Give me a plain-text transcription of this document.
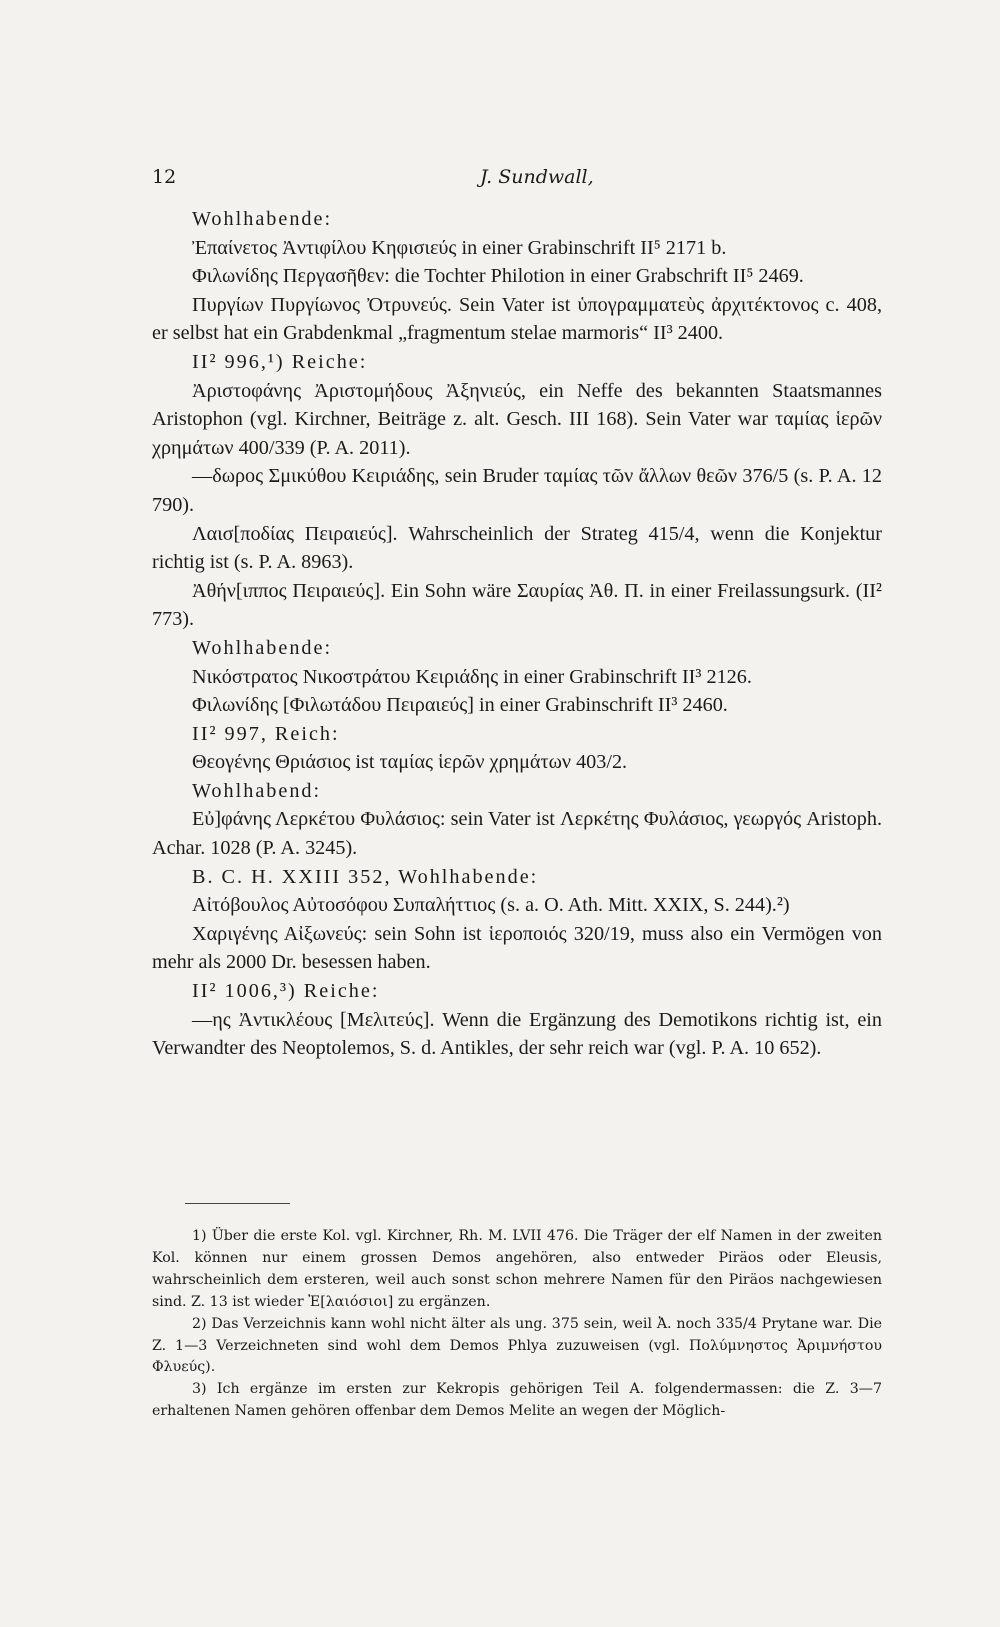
12	J. Sundwall,

Wohlhabende:

Ἐπαίνετος Ἀντιφίλου Κηφισιεύς in einer Grabinschrift II⁵ 2171 b.

Φιλωνίδης Περγασῆθεν: die Tochter Philotion in einer Grabschrift II⁵ 2469.

Πυργίων Πυργίωνος Ὀτρυνεύς. Sein Vater ist ὑπογραμματεὺς ἀρχιτέκτονος c. 408, er selbst hat ein Grabdenkmal „fragmentum stelae marmoris“ II³ 2400.

II² 996,¹) Reiche:

Ἀριστοφάνης Ἀριστομήδους Ἀξηνιεύς, ein Neffe des bekannten Staatsmannes Aristophon (vgl. Kirchner, Beiträge z. alt. Gesch. III 168). Sein Vater war ταμίας ἱερῶν χρημάτων 400/339 (P. A. 2011).

—δωρος Σμικύθου Κειριάδης, sein Bruder ταμίας τῶν ἄλλων θεῶν 376/5 (s. P. A. 12 790).

Λαισ[ποδίας Πειραιεύς]. Wahrscheinlich der Strateg 415/4, wenn die Konjektur richtig ist (s. P. A. 8963).

Ἀθήν[ιππος Πειραιεύς]. Ein Sohn wäre Σαυρίας Ἀθ. Π. in einer Freilassungsurk. (II² 773).

Wohlhabende:

Νικόστρατος Νικοστράτου Κειριάδης in einer Grabinschrift II³ 2126.

Φιλωνίδης [Φιλωτάδου Πειραιεύς] in einer Grabinschrift II³ 2460.

II² 997, Reich:

Θεογένης Θριάσιος ist ταμίας ἱερῶν χρημάτων 403/2.

Wohlhabend:

Εὐ]φάνης Λερκέτου Φυλάσιος: sein Vater ist Λερκέτης Φυλάσιος, γεωργός Aristoph. Achar. 1028 (P. A. 3245).

B. C. H. XXIII 352, Wohlhabende:

Αἰτόβουλος Αὐτοσόφου Συπαλήττιος (s. a. O. Ath. Mitt. XXIX, S. 244).²)

Χαριγένης Αἰξωνεύς: sein Sohn ist ἱεροποιός 320/19, muss also ein Vermögen von mehr als 2000 Dr. besessen haben.

II² 1006,³) Reiche:

—ης Ἀντικλέους [Μελιτεύς]. Wenn die Ergänzung des Demotikons richtig ist, ein Verwandter des Neoptolemos, S. d. Antikles, der sehr reich war (vgl. P. A. 10 652).

1) Über die erste Kol. vgl. Kirchner, Rh. M. LVII 476. Die Träger der elf Namen in der zweiten Kol. können nur einem grossen Demos angehören, also entweder Piräos oder Eleusis, wahrscheinlich dem ersteren, weil auch sonst schon mehrere Namen für den Piräos nachgewiesen sind. Z. 13 ist wieder Ἐ[λαιόσιοι] zu ergänzen.

2) Das Verzeichnis kann wohl nicht älter als ung. 375 sein, weil Ἀ. noch 335/4 Prytane war. Die Z. 1—3 Verzeichneten sind wohl dem Demos Phlya zuzuweisen (vgl. Πολύμνηστος Ἀριμνήστου Φλυεύς).

3) Ich ergänze im ersten zur Kekropis gehörigen Teil A. folgendermassen: die Z. 3—7 erhaltenen Namen gehören offenbar dem Demos Melite an wegen der Möglich-
